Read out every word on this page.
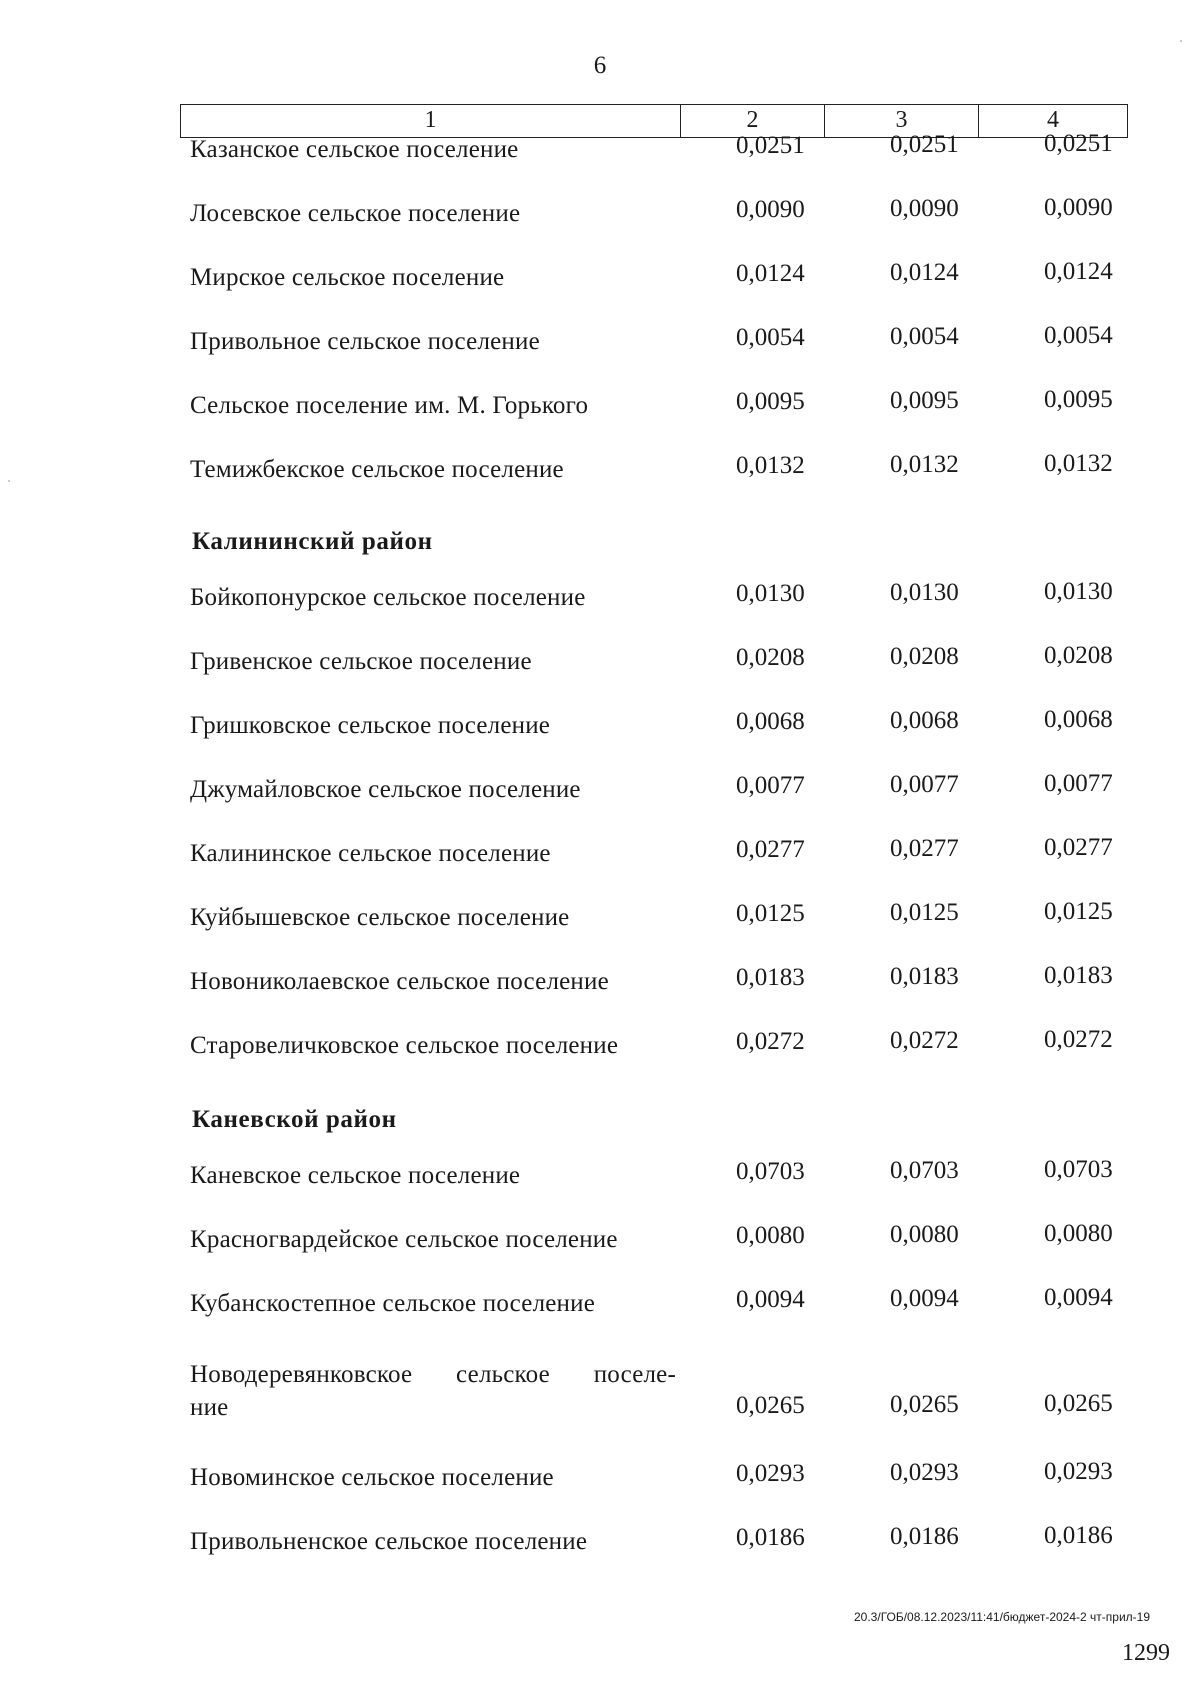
6
1	2	3	4
Казанское сельское поселение	0,0251	0,0251	0,0251
Лосевское сельское поселение	0,0090	0,0090	0,0090
Мирское сельское поселение	0,0124	0,0124	0,0124
Привольное сельское поселение	0,0054	0,0054	0,0054
Сельское поселение им. М. Горького	0,0095	0,0095	0,0095
Темижбекское сельское поселение	0,0132	0,0132	0,0132
Калининский район
Бойкопонурское сельское поселение	0,0130	0,0130	0,0130
Гривенское сельское поселение	0,0208	0,0208	0,0208
Гришковское сельское поселение	0,0068	0,0068	0,0068
Джумайловское сельское поселение	0,0077	0,0077	0,0077
Калининское сельское поселение	0,0277	0,0277	0,0277
Куйбышевское сельское поселение	0,0125	0,0125	0,0125
Новониколаевское сельское поселение	0,0183	0,0183	0,0183
Старовеличковское сельское поселение	0,0272	0,0272	0,0272
Каневской район
Каневское сельское поселение	0,0703	0,0703	0,0703
Красногвардейское сельское поселение	0,0080	0,0080	0,0080
Кубанскостепное сельское поселение	0,0094	0,0094	0,0094
Новодеревянковское сельское поселе-
ние	0,0265	0,0265	0,0265
Новоминское сельское поселение	0,0293	0,0293	0,0293
Привольненское сельское поселение	0,0186	0,0186	0,0186
20.3/ГОБ/08.12.2023/11:41/бюджет-2024-2 чт-прил-19
1299
